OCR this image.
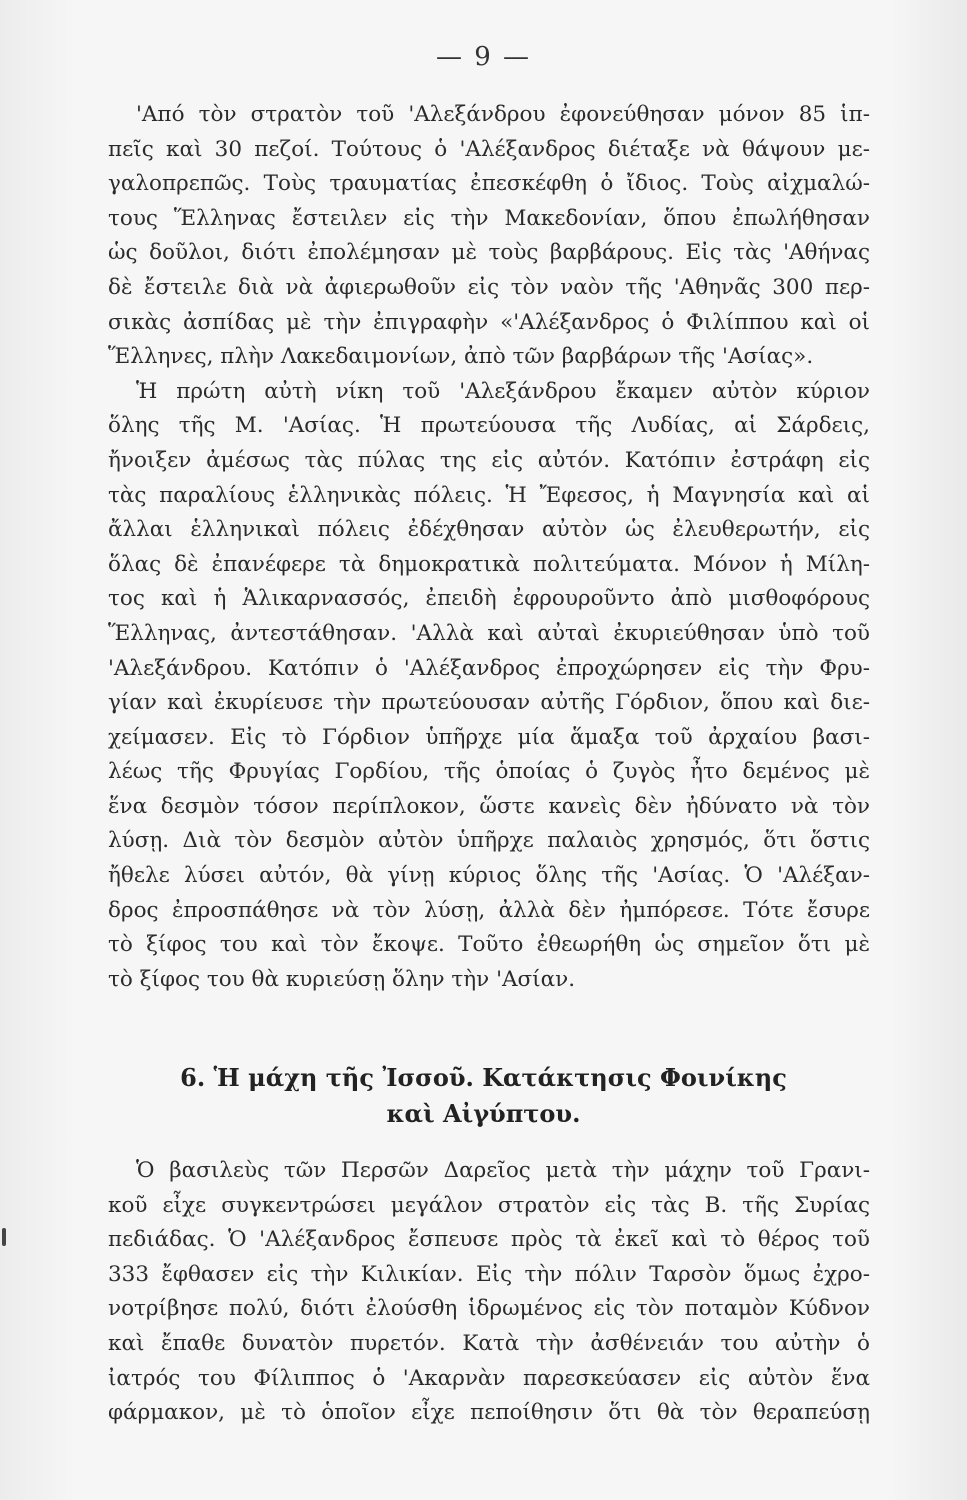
— 9 —
'Από τὸν στρατὸν τοῦ 'Αλεξάνδρου ἐφονεύθησαν μόνον 85 ἱπ-
πεῖς καὶ 30 πεζοί. Τούτους ὁ 'Αλέξανδρος διέταξε νὰ θάψουν με-
γαλοπρεπῶς. Τοὺς τραυματίας ἐπεσκέφθη ὁ ἴδιος. Τοὺς αἰχμαλώ-
τους Ἕλληνας ἔστειλεν εἰς τὴν Μακεδονίαν, ὅπου ἐπωλήθησαν
ὡς δοῦλοι, διότι ἐπολέμησαν μὲ τοὺς βαρβάρους. Εἰς τὰς 'Αθήνας
δὲ ἔστειλε διὰ νὰ ἀφιερωθοῦν εἰς τὸν ναὸν τῆς 'Αθηνᾶς 300 περ-
σικὰς ἀσπίδας μὲ τὴν ἐπιγραφὴν «'Αλέξανδρος ὁ Φιλίππου καὶ οἱ
Ἕλληνες, πλὴν Λακεδαιμονίων, ἀπὸ τῶν βαρβάρων τῆς 'Ασίας».
Ἡ πρώτη αὐτὴ νίκη τοῦ 'Αλεξάνδρου ἔκαμεν αὐτὸν κύριον
ὅλης τῆς Μ. 'Ασίας. Ἡ πρωτεύουσα τῆς Λυδίας, αἱ Σάρδεις,
ἤνοιξεν ἀμέσως τὰς πύλας της εἰς αὐτόν. Κατόπιν ἐστράφη εἰς
τὰς παραλίους ἑλληνικὰς πόλεις. Ἡ Ἔφεσος, ἡ Μαγνησία καὶ αἱ
ἄλλαι ἑλληνικαὶ πόλεις ἐδέχθησαν αὐτὸν ὡς ἐλευθερωτήν, εἰς
ὅλας δὲ ἐπανέφερε τὰ δημοκρατικὰ πολιτεύματα. Μόνον ἡ Μίλη-
τος καὶ ἡ Ἁλικαρνασσός, ἐπειδὴ ἐφρουροῦντο ἀπὸ μισθοφόρους
Ἕλληνας, ἀντεστάθησαν. 'Αλλὰ καὶ αὐταὶ ἐκυριεύθησαν ὑπὸ τοῦ
'Αλεξάνδρου. Κατόπιν ὁ 'Αλέξανδρος ἐπροχώρησεν εἰς τὴν Φρυ-
γίαν καὶ ἐκυρίευσε τὴν πρωτεύουσαν αὐτῆς Γόρδιον, ὅπου καὶ διε-
χείμασεν. Εἰς τὸ Γόρδιον ὑπῆρχε μία ἅμαξα τοῦ ἀρχαίου βασι-
λέως τῆς Φρυγίας Γορδίου, τῆς ὁποίας ὁ ζυγὸς ἦτο δεμένος μὲ
ἕνα δεσμὸν τόσον περίπλοκον, ὥστε κανεὶς δὲν ἠδύνατο νὰ τὸν
λύσῃ. Διὰ τὸν δεσμὸν αὐτὸν ὑπῆρχε παλαιὸς χρησμός, ὅτι ὅστις
ἤθελε λύσει αὐτόν, θὰ γίνῃ κύριος ὅλης τῆς 'Ασίας. Ὁ 'Αλέξαν-
δρος ἐπροσπάθησε νὰ τὸν λύσῃ, ἀλλὰ δὲν ἠμπόρεσε. Τότε ἔσυρε
τὸ ξίφος του καὶ τὸν ἔκοψε. Τοῦτο ἐθεωρήθη ὡς σημεῖον ὅτι μὲ
τὸ ξίφος του θὰ κυριεύσῃ ὅλην τὴν 'Ασίαν.
6. Ἡ μάχη τῆς Ἰσσοῦ. Κατάκτησις Φοινίκης
καὶ Αἰγύπτου.
Ὁ βασιλεὺς τῶν Περσῶν Δαρεῖος μετὰ τὴν μάχην τοῦ Γρανι-
κοῦ εἶχε συγκεντρώσει μεγάλον στρατὸν εἰς τὰς Β. τῆς Συρίας
πεδιάδας. Ὁ 'Αλέξανδρος ἔσπευσε πρὸς τὰ ἐκεῖ καὶ τὸ θέρος τοῦ
333 ἔφθασεν εἰς τὴν Κιλικίαν. Εἰς τὴν πόλιν Ταρσὸν ὅμως ἐχρο-
νοτρίβησε πολύ, διότι ἐλούσθη ἱδρωμένος εἰς τὸν ποταμὸν Κύδνον
καὶ ἔπαθε δυνατὸν πυρετόν. Κατὰ τὴν ἀσθένειάν του αὐτὴν ὁ
ἰατρός του Φίλιππος ὁ 'Ακαρνὰν παρεσκεύασεν εἰς αὐτὸν ἕνα
φάρμακον, μὲ τὸ ὁποῖον εἶχε πεποίθησιν ὅτι θὰ τὸν θεραπεύσῃ
